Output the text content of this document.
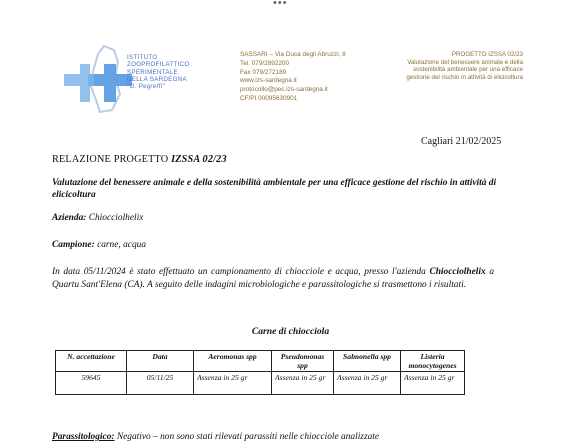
•••
ISTITUTO
ZOOPROFILATTICO
SPERIMENTALE
DELLA SARDEGNA
"G. Pegreffi"
SASSARI – Via Duca degli Abruzzi, 8
Tel. 079/2892200
Fax 079/272189
www.izs-sardegna.it
protocollo@pec.izs-sardegna.it
CF/PI 00095630901
PROGETTO IZSSA 02/23
Valutazione del benessere animale e della
sostenibilità ambientale per una efficace
gestione del rischio in attività di elicicoltura
Cagliari 21/02/2025
RELAZIONE PROGETTO IZSSA 02/23
Valutazione del benessere animale e della sostenibilità ambientale per una efficace gestione del rischio in attività di elicicoltura
Azienda: Chiocciolhelix
Campione: carne, acqua
In data 05/11/2024 è stato effettuato un campionamento di chiocciole e acqua, presso l'azienda Chiocciolhelix a Quartu Sant'Elena (CA). A seguito delle indagini microbiologiche e parassitologiche si trasmettono i risultati.
Carne di chiocciola
N. accettazione	Data	Aeromonas spp	Pseudomonas spp	Salmonella spp	Listeria monocytogenes
59645	05/11/25	Assenza in 25 gr	Assenza in 25 gr	Assenza in 25 gr	Assenza in 25 gr
Parassitologico: Negativo – non sono stati rilevati parassiti nelle chiocciole analizzate
